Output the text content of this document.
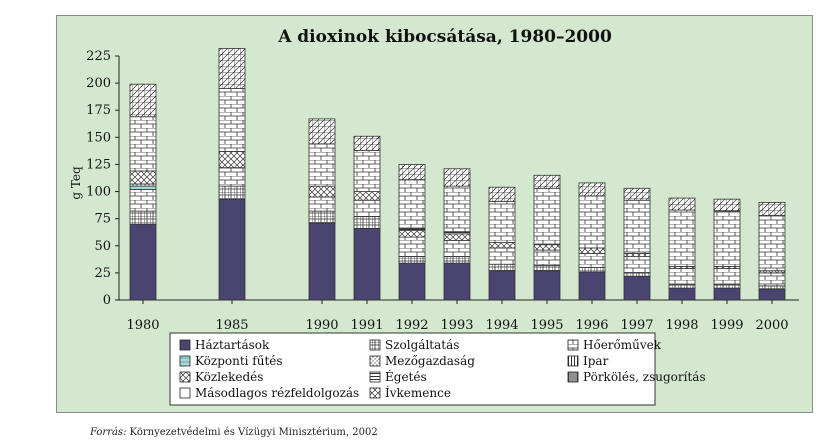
A dioxinok kibocsátása, 1980–2000
g Teq
0
25
50
75
100
125
150
175
200
225
1980	1985	1990 1991 1992 1993 1994 1995 1996 1997 1998 1999 2000
Háztartások	Szolgáltatás	Hőerőművek
Központi fűtés	Mezőgazdaság	Ipar
Közlekedés	Égetés	Pörkölés, zsugorítás
Másodlagos rézfeldolgozás Ívkemence
Forrás: Környezetvédelmi és Vízügyi Minisztérium, 2002
